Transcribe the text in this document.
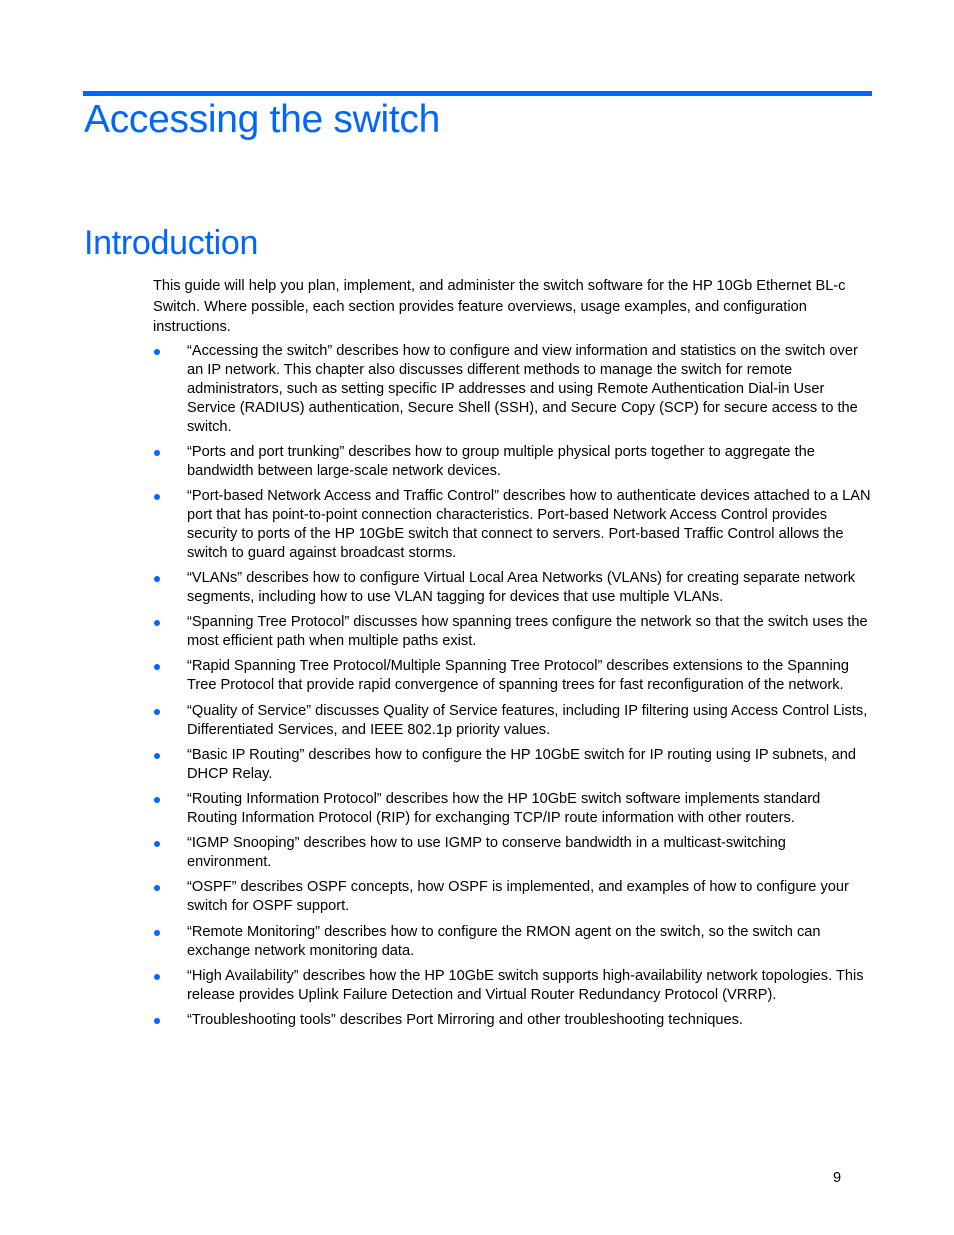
Accessing the switch
Introduction

This guide will help you plan, implement, and administer the switch software for the HP 10Gb Ethernet BL-c Switch. Where possible, each section provides feature overviews, usage examples, and configuration instructions.

“Accessing the switch” describes how to configure and view information and statistics on the switch over an IP network. This chapter also discusses different methods to manage the switch for remote administrators, such as setting specific IP addresses and using Remote Authentication Dial-in User Service (RADIUS) authentication, Secure Shell (SSH), and Secure Copy (SCP) for secure access to the switch.
“Ports and port trunking” describes how to group multiple physical ports together to aggregate the bandwidth between large-scale network devices.
“Port-based Network Access and Traffic Control” describes how to authenticate devices attached to a LAN port that has point-to-point connection characteristics. Port-based Network Access Control provides security to ports of the HP 10GbE switch that connect to servers. Port-based Traffic Control allows the switch to guard against broadcast storms.
“VLANs” describes how to configure Virtual Local Area Networks (VLANs) for creating separate network segments, including how to use VLAN tagging for devices that use multiple VLANs.
“Spanning Tree Protocol” discusses how spanning trees configure the network so that the switch uses the most efficient path when multiple paths exist.
“Rapid Spanning Tree Protocol/Multiple Spanning Tree Protocol” describes extensions to the Spanning Tree Protocol that provide rapid convergence of spanning trees for fast reconfiguration of the network.
“Quality of Service” discusses Quality of Service features, including IP filtering using Access Control Lists, Differentiated Services, and IEEE 802.1p priority values.
“Basic IP Routing” describes how to configure the HP 10GbE switch for IP routing using IP subnets, and DHCP Relay.
“Routing Information Protocol” describes how the HP 10GbE switch software implements standard Routing Information Protocol (RIP) for exchanging TCP/IP route information with other routers.
“IGMP Snooping” describes how to use IGMP to conserve bandwidth in a multicast-switching environment.
“OSPF” describes OSPF concepts, how OSPF is implemented, and examples of how to configure your switch for OSPF support.
“Remote Monitoring” describes how to configure the RMON agent on the switch, so the switch can exchange network monitoring data.
“High Availability” describes how the HP 10GbE switch supports high-availability network topologies. This release provides Uplink Failure Detection and Virtual Router Redundancy Protocol (VRRP).
“Troubleshooting tools” describes Port Mirroring and other troubleshooting techniques.
9
